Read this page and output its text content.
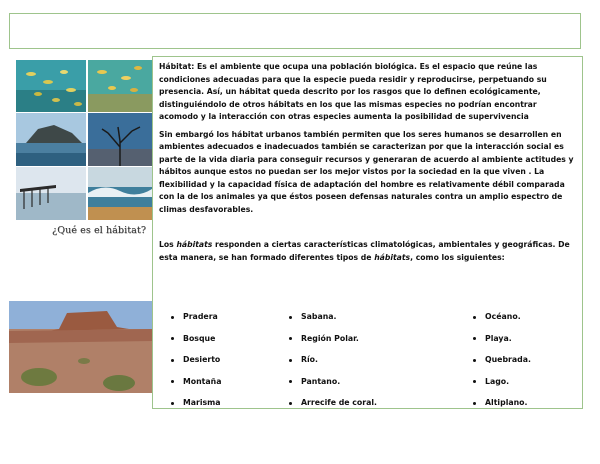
¿Qué es el hábitat?

Hábitat: Es el ambiente que ocupa una población biológica. Es el espacio que reúne las condiciones adecuadas para que la especie pueda residir y reproducirse, perpetuando su presencia. Así, un hábitat queda descrito por los rasgos que lo definen ecológicamente, distinguiéndolo de otros hábitats en los que las mismas especies no podrían encontrar acomodo y la interacción con otras especies aumenta la posibilidad de supervivencia

Sin embargó los hábitat urbanos también permiten que los seres humanos se desarrollen en ambientes adecuados e inadecuados también se caracterizan por que la interacción social es parte de la vida diaria para conseguir recursos y generaran de acuerdo al ambiente actitudes y hábitos aunque estos no puedan ser los mejor vistos por la sociedad en la que viven . La flexibilidad y la capacidad física de adaptación del hombre es relativamente débil comparada con la de los animales ya que éstos poseen defensas naturales contra un amplio espectro de climas desfavorables.

Los hábitats responden a ciertas características climatológicas, ambientales y geográficas. De esta manera, se han formado diferentes tipos de hábitats, como los siguientes:

Pradera
Bosque
Desierto
Montaña
Marisma
Sabana.
Región Polar.
Río.
Pantano.
Arrecife de coral.
Océano.
Playa.
Quebrada.
Lago.
Altiplano.
